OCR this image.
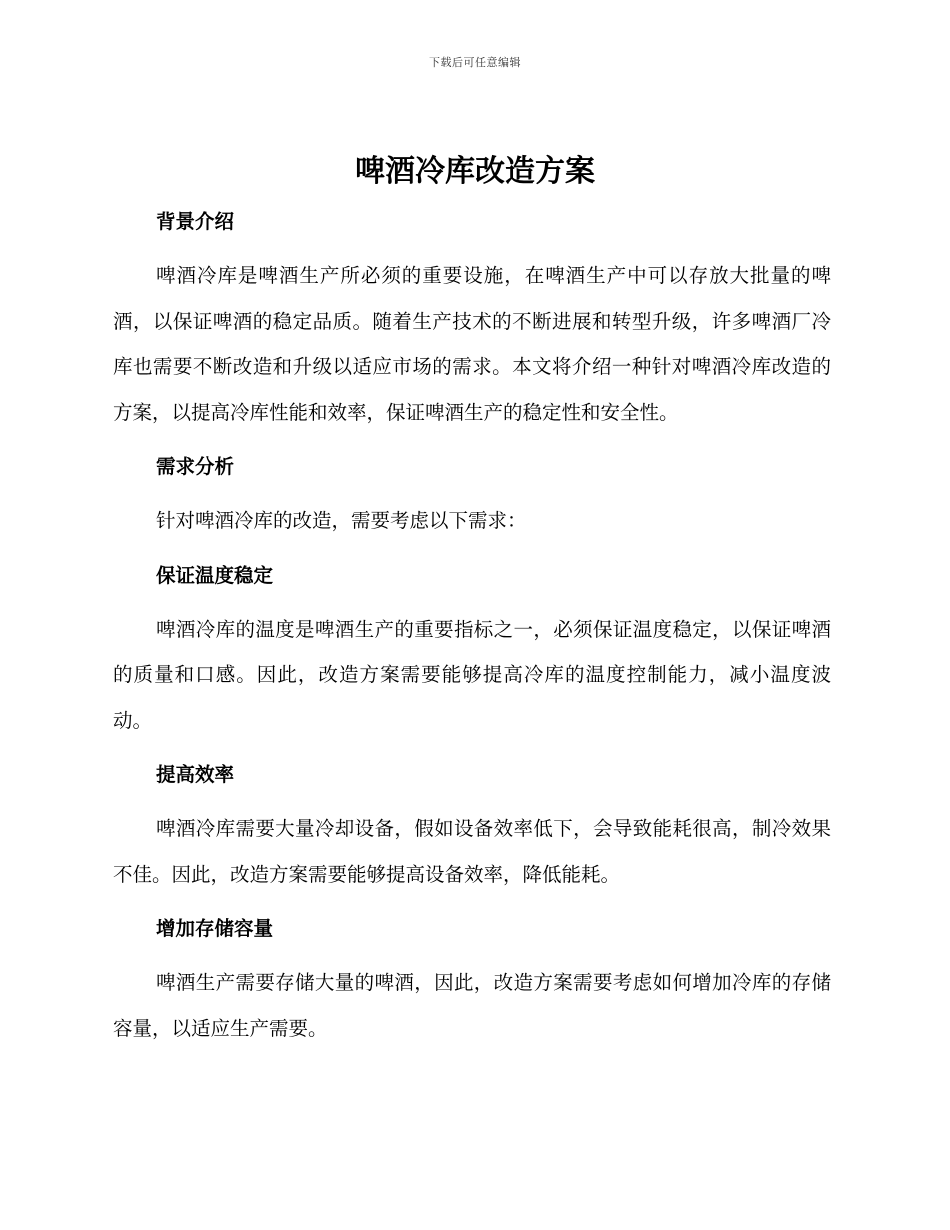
下载后可任意编辑
啤酒冷库改造方案
背景介绍

啤酒冷库是啤酒生产所必须的重要设施，在啤酒生产中可以存放大批量的啤酒，以保证啤酒的稳定品质。随着生产技术的不断进展和转型升级，许多啤酒厂冷库也需要不断改造和升级以适应市场的需求。本文将介绍一种针对啤酒冷库改造的方案，以提高冷库性能和效率，保证啤酒生产的稳定性和安全性。

需求分析

针对啤酒冷库的改造，需要考虑以下需求：

保证温度稳定

啤酒冷库的温度是啤酒生产的重要指标之一，必须保证温度稳定，以保证啤酒的质量和口感。因此，改造方案需要能够提高冷库的温度控制能力，减小温度波动。

提高效率

啤酒冷库需要大量冷却设备，假如设备效率低下，会导致能耗很高，制冷效果不佳。因此，改造方案需要能够提高设备效率，降低能耗。

增加存储容量

啤酒生产需要存储大量的啤酒，因此，改造方案需要考虑如何增加冷库的存储容量，以适应生产需要。
